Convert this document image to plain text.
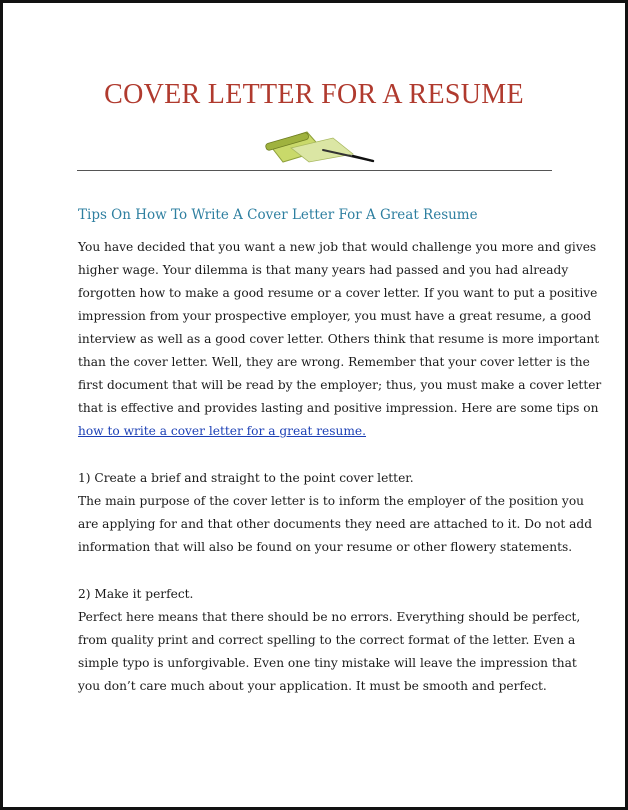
COVER LETTER FOR A RESUME
Tips On How To Write A Cover Letter For A Great Resume
You have decided that you want a new job that would challenge you more and gives
higher wage. Your dilemma is that many years had passed and you had already
forgotten how to make a good resume or a cover letter. If you want to put a positive
impression from your prospective employer, you must have a great resume, a good
interview as well as a good cover letter. Others think that resume is more important
than the cover letter. Well, they are wrong. Remember that your cover letter is the
first document that will be read by the employer; thus, you must make a cover letter
that is effective and provides lasting and positive impression. Here are some tips on
how to write a cover letter for a great resume.
1) Create a brief and straight to the point cover letter.
The main purpose of the cover letter is to inform the employer of the position you
are applying for and that other documents they need are attached to it. Do not add
information that will also be found on your resume or other flowery statements.
2) Make it perfect.
Perfect here means that there should be no errors. Everything should be perfect,
from quality print and correct spelling to the correct format of the letter. Even a
simple typo is unforgivable. Even one tiny mistake will leave the impression that
you don’t care much about your application. It must be smooth and perfect.
